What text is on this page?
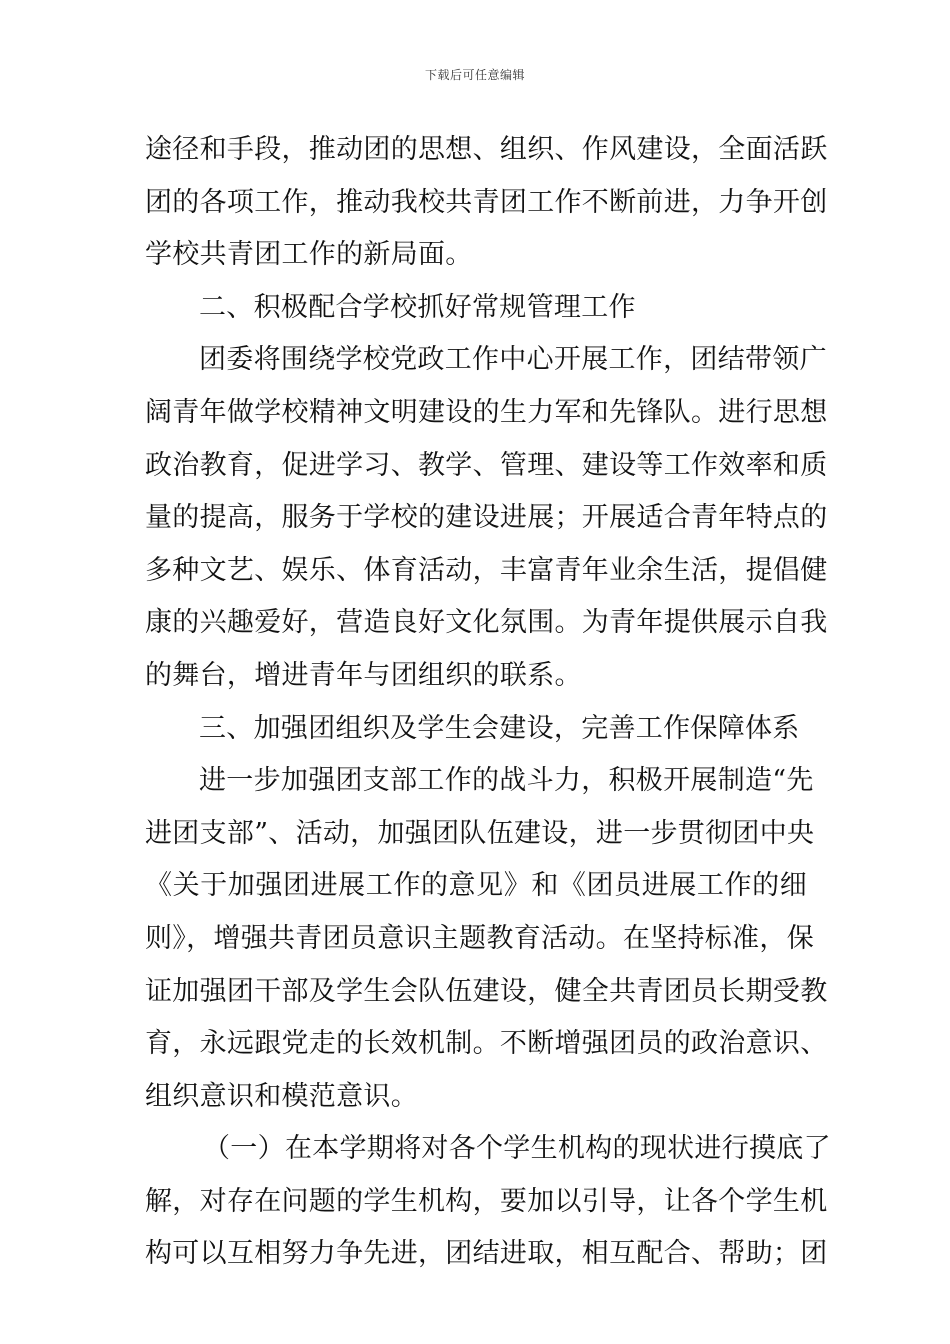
下载后可任意编辑
途径和手段，推动团的思想、组织、作风建设，全面活跃
团的各项工作，推动我校共青团工作不断前进，力争开创
学校共青团工作的新局面。
二、积极配合学校抓好常规管理工作
团委将围绕学校党政工作中心开展工作，团结带领广
阔青年做学校精神文明建设的生力军和先锋队。进行思想
政治教育，促进学习、教学、管理、建设等工作效率和质
量的提高，服务于学校的建设进展；开展适合青年特点的
多种文艺、娱乐、体育活动，丰富青年业余生活，提倡健
康的兴趣爱好，营造良好文化氛围。为青年提供展示自我
的舞台，增进青年与团组织的联系。
三、加强团组织及学生会建设，完善工作保障体系
进一步加强团支部工作的战斗力，积极开展制造“先
进团支部”、活动，加强团队伍建设，进一步贯彻团中央
《关于加强团进展工作的意见》和《团员进展工作的细
则》，增强共青团员意识主题教育活动。在坚持标准，保
证加强团干部及学生会队伍建设，健全共青团员长期受教
育，永远跟党走的长效机制。不断增强团员的政治意识、
组织意识和模范意识。
（一）在本学期将对各个学生机构的现状进行摸底了
解，对存在问题的学生机构，要加以引导，让各个学生机
构可以互相努力争先进，团结进取，相互配合、帮助；团
